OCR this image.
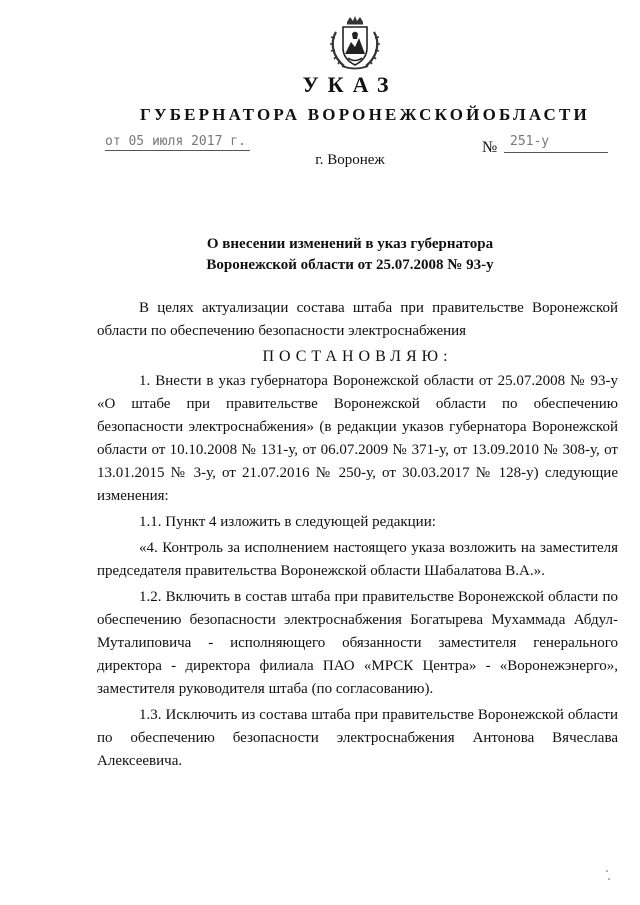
УКАЗ
ГУБЕРНАТОРА ВОРОНЕЖСКОЙОБЛАСТИ
от 05 июля 2017 г.	№ 251-у
г. Воронеж
О внесении изменений в указ губернатора
Воронежской области от 25.07.2008 № 93-у

В целях актуализации состава штаба при правительстве Воронежской области по обеспечению безопасности электроснабжения

ПОСТАНОВЛЯЮ:

1. Внести в указ губернатора Воронежской области от 25.07.2008 № 93-у «О штабе при правительстве Воронежской области по обеспечению безопасности электроснабжения» (в редакции указов губернатора Воронежской области от 10.10.2008 № 131-у, от 06.07.2009 № 371-у, от 13.09.2010 № 308-у, от 13.01.2015 № 3-у, от 21.07.2016 № 250-у, от 30.03.2017 № 128-у) следующие изменения:

1.1. Пункт 4 изложить в следующей редакции:

«4. Контроль за исполнением настоящего указа возложить на заместителя председателя правительства Воронежской области Шабалатова В.А.».

1.2. Включить в состав штаба при правительстве Воронежской области по обеспечению безопасности электроснабжения Богатырева Мухаммада Абдул-Муталиповича - исполняющего обязанности заместителя генерального директора - директора филиала ПАО «МРСК Центра» - «Воронежэнерго», заместителя руководителя штаба (по согласованию).

1.3. Исключить из состава штаба при правительстве Воронежской области по обеспечению безопасности электроснабжения Антонова Вячеслава Алексеевича.
